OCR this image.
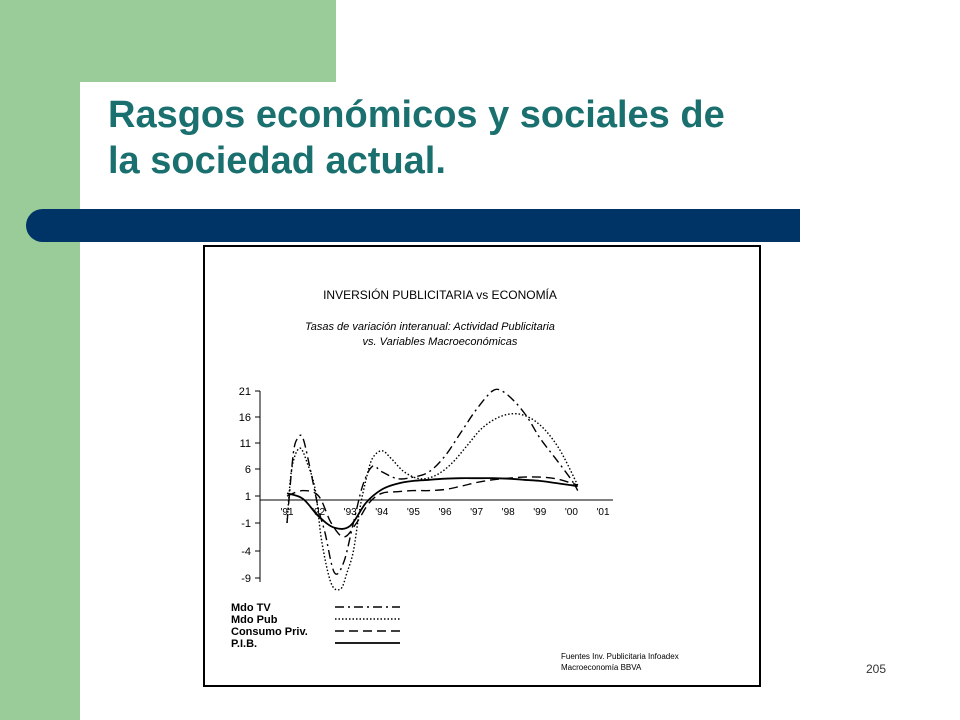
Rasgos económicos y sociales de
la sociedad actual.
INVERSIÓN PUBLICITARIA vs ECONOMÍA
Tasas de variación interanual: Actividad Publicitaria
vs. Variables Macroeconómicas
21
16
11
6
1
-1
-4
-9
'91 '92 '93 '94 '95 '96 '97 '98 '99 '00 '01
Mdo TV
Mdo Pub
Consumo Priv.
P.I.B.
Fuentes Inv. Publicitaria Infoadex
Macroeconomía BBVA	205
